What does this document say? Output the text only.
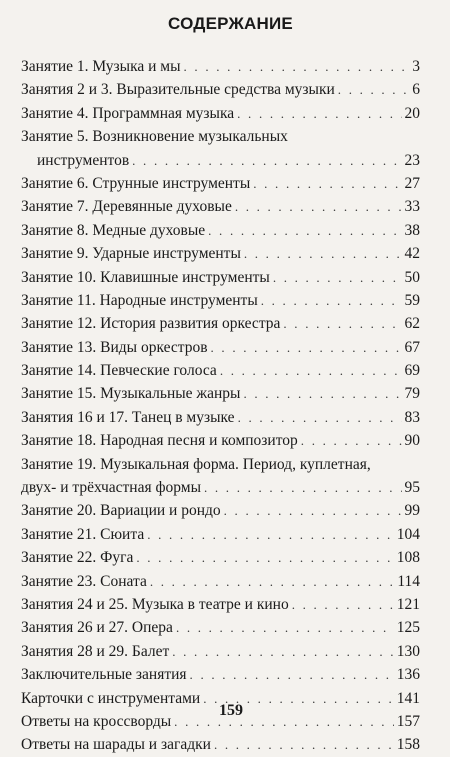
СОДЕРЖАНИЕ
Занятие 1. Музыка и мы . . .	3
Занятия 2 и 3. Выразительные средства музыки . . .	6
Занятие 4. Программная музыка . . .	20
Занятие 5. Возникновение музыкальных
инструментов . . .	23
Занятие 6. Струнные инструменты . . .	27
Занятие 7. Деревянные духовые . . .	33
Занятие 8. Медные духовые . . .	38
Занятие 9. Ударные инструменты . . .	42
Занятие 10. Клавишные инструменты . . .	50
Занятие 11. Народные инструменты . . .	59
Занятие 12. История развития оркестра . . .	62
Занятие 13. Виды оркестров . . .	67
Занятие 14. Певческие голоса . . .	69
Занятие 15. Музыкальные жанры . . .	79
Занятия 16 и 17. Танец в музыке . . .	83
Занятие 18. Народная песня и композитор . . .	90
Занятие 19. Музыкальная форма. Период, куплетная,
двух- и трёхчастная формы . . .	95
Занятие 20. Вариации и рондо . . .	99
Занятие 21. Сюита . . .	104
Занятие 22. Фуга . . .	108
Занятие 23. Соната . . .	114
Занятия 24 и 25. Музыка в театре и кино . . .	121
Занятия 26 и 27. Опера . . .	125
Занятия 28 и 29. Балет . . .	130
Заключительные занятия . . .	136
Карточки с инструментами . . .	141
Ответы на кроссворды . . .	157
Ответы на шарады и загадки . . .	158
159
